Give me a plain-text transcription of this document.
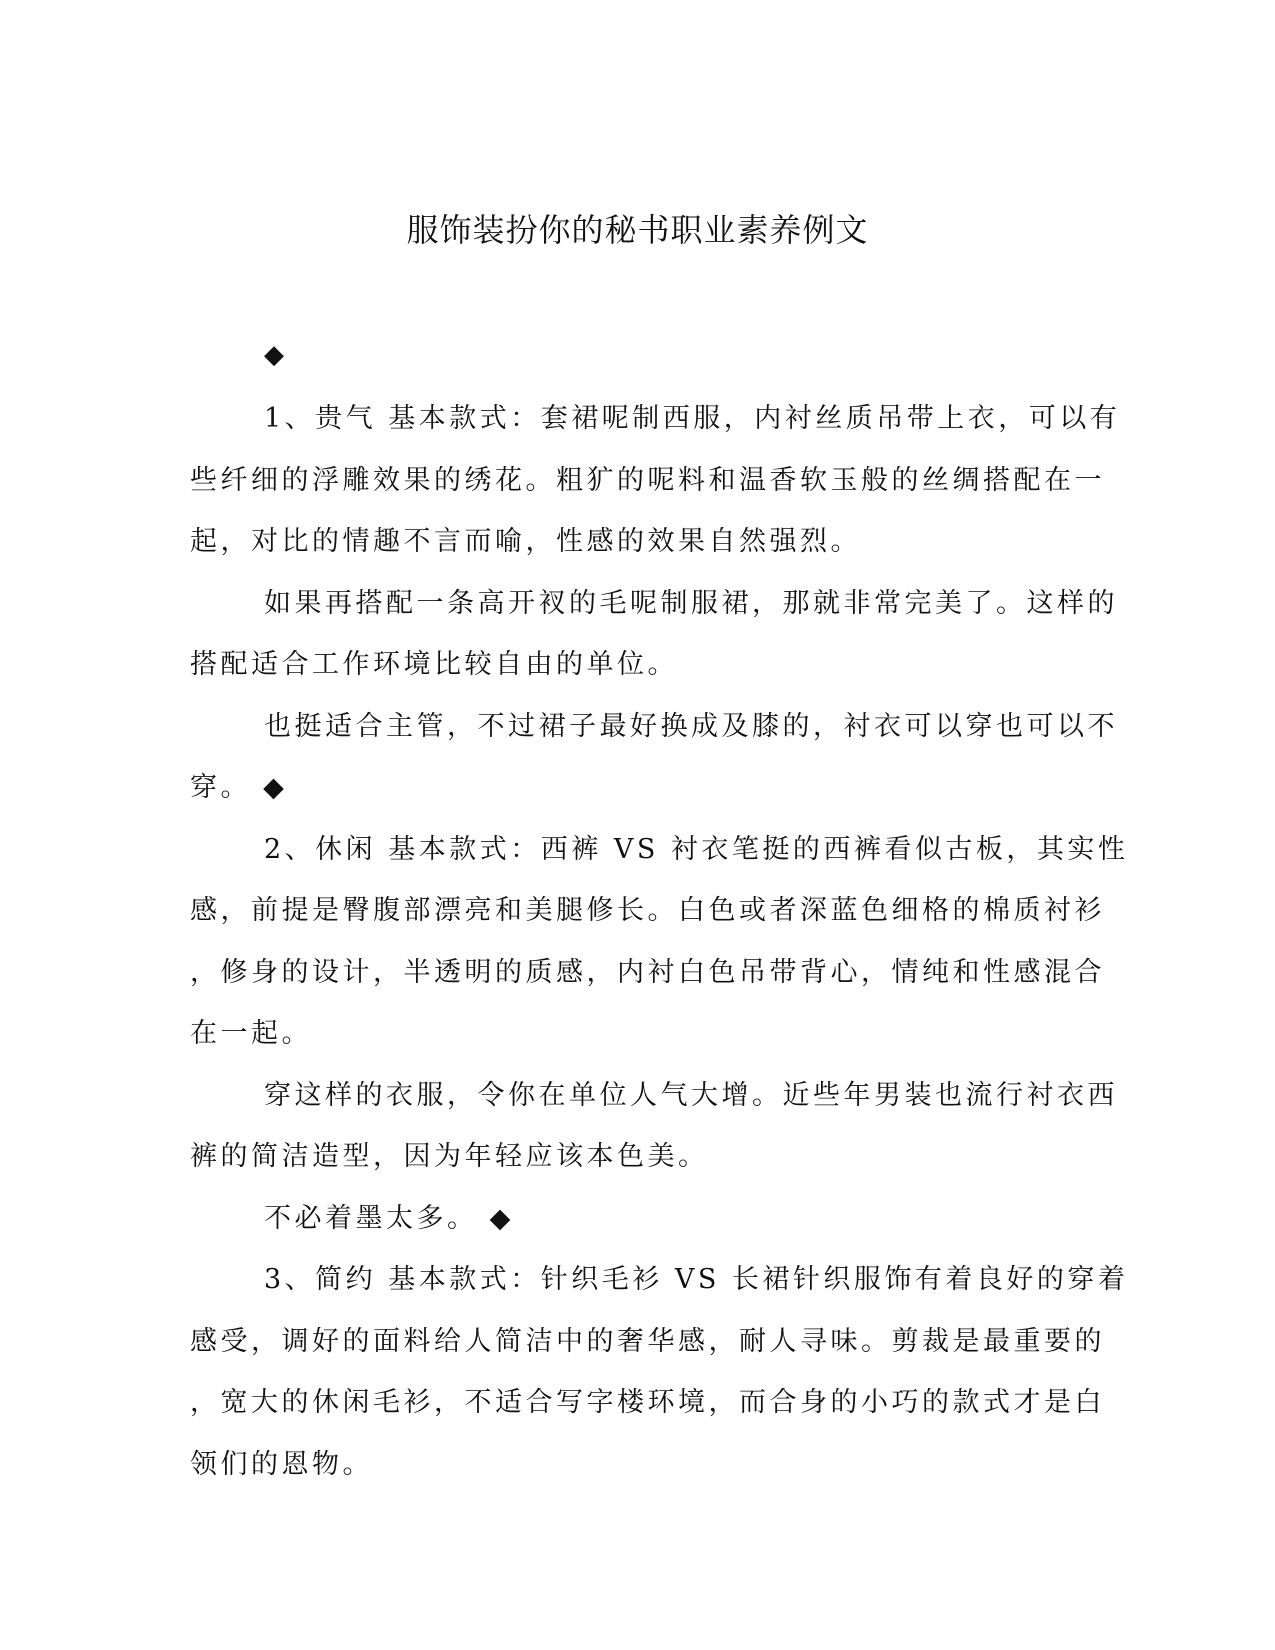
服饰装扮你的秘书职业素养例文
◆
1、贵气 基本款式：套裙呢制西服，内衬丝质吊带上衣，可以有
些纤细的浮雕效果的绣花。粗犷的呢料和温香软玉般的丝绸搭配在一
起，对比的情趣不言而喻，性感的效果自然强烈。
如果再搭配一条高开衩的毛呢制服裙，那就非常完美了。这样的
搭配适合工作环境比较自由的单位。
也挺适合主管，不过裙子最好换成及膝的，衬衣可以穿也可以不
穿。 ◆
2、休闲 基本款式：西裤 VS 衬衣笔挺的西裤看似古板，其实性
感，前提是臀腹部漂亮和美腿修长。白色或者深蓝色细格的棉质衬衫
，修身的设计，半透明的质感，内衬白色吊带背心，情纯和性感混合
在一起。
穿这样的衣服，令你在单位人气大增。近些年男装也流行衬衣西
裤的简洁造型，因为年轻应该本色美。
不必着墨太多。 ◆
3、简约 基本款式：针织毛衫 VS 长裙针织服饰有着良好的穿着
感受，调好的面料给人简洁中的奢华感，耐人寻味。剪裁是最重要的
，宽大的休闲毛衫，不适合写字楼环境，而合身的小巧的款式才是白
领们的恩物。
